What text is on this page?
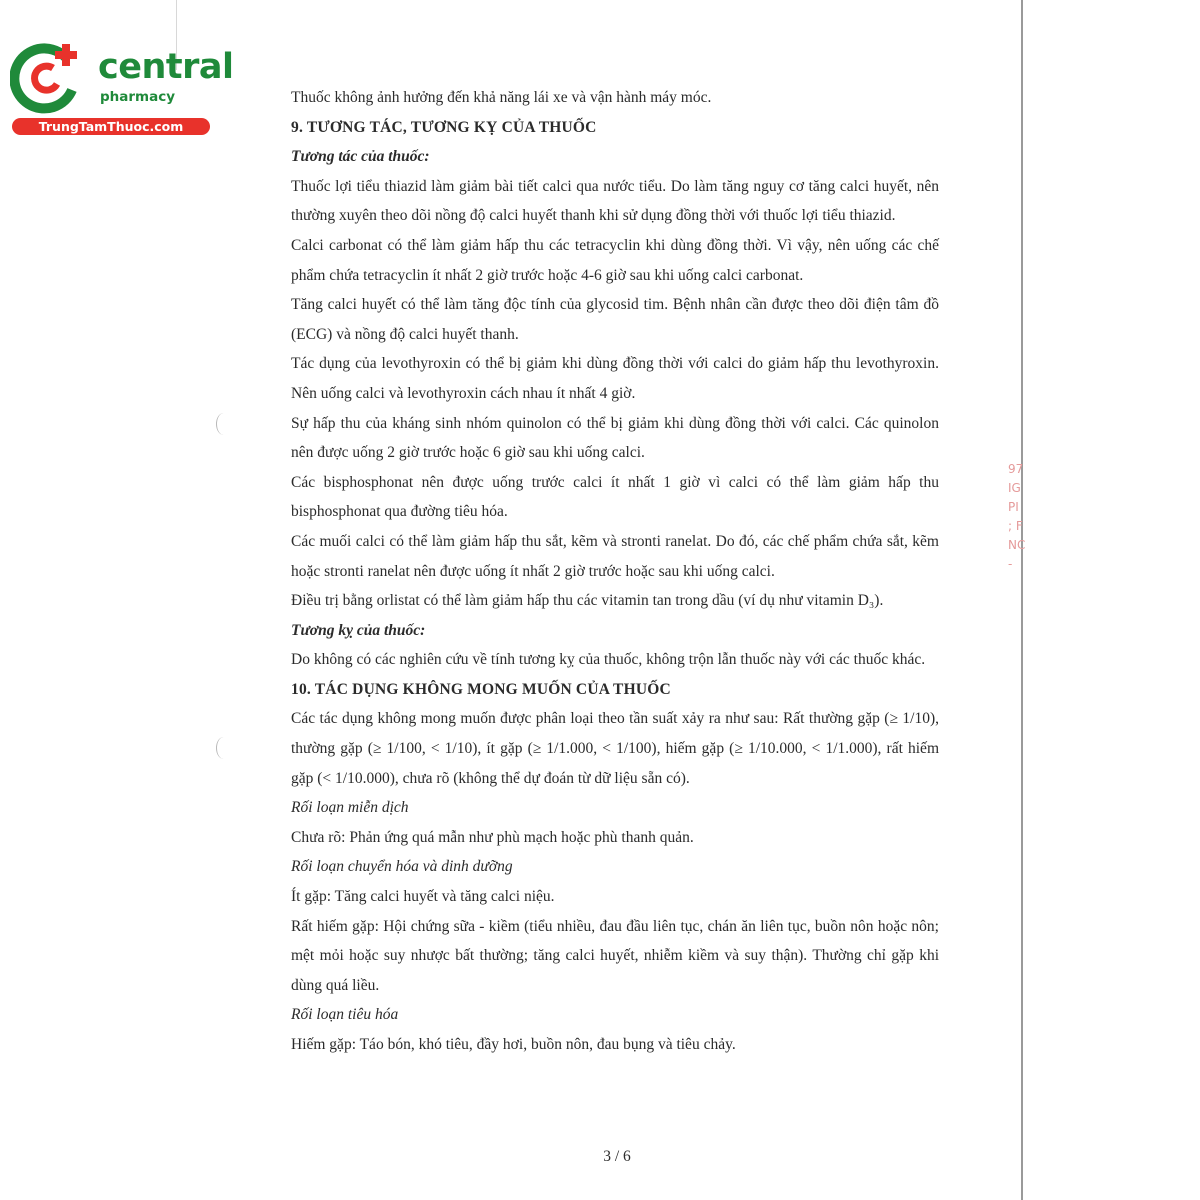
central
pharmacy
TrungTamThuoc.com

Thuốc không ảnh hưởng đến khả năng lái xe và vận hành máy móc.

9. TƯƠNG TÁC, TƯƠNG KỴ CỦA THUỐC

Tương tác của thuốc:

Thuốc lợi tiểu thiazid làm giảm bài tiết calci qua nước tiểu. Do làm tăng nguy cơ tăng calci huyết, nên thường xuyên theo dõi nồng độ calci huyết thanh khi sử dụng đồng thời với thuốc lợi tiểu thiazid.

Calci carbonat có thể làm giảm hấp thu các tetracyclin khi dùng đồng thời. Vì vậy, nên uống các chế phẩm chứa tetracyclin ít nhất 2 giờ trước hoặc 4-6 giờ sau khi uống calci carbonat.

Tăng calci huyết có thể làm tăng độc tính của glycosid tim. Bệnh nhân cần được theo dõi điện tâm đồ (ECG) và nồng độ calci huyết thanh.

Tác dụng của levothyroxin có thể bị giảm khi dùng đồng thời với calci do giảm hấp thu levothyroxin. Nên uống calci và levothyroxin cách nhau ít nhất 4 giờ.

Sự hấp thu của kháng sinh nhóm quinolon có thể bị giảm khi dùng đồng thời với calci. Các quinolon nên được uống 2 giờ trước hoặc 6 giờ sau khi uống calci.

Các bisphosphonat nên được uống trước calci ít nhất 1 giờ vì calci có thể làm giảm hấp thu bisphosphonat qua đường tiêu hóa.

Các muối calci có thể làm giảm hấp thu sắt, kẽm và stronti ranelat. Do đó, các chế phẩm chứa sắt, kẽm hoặc stronti ranelat nên được uống ít nhất 2 giờ trước hoặc sau khi uống calci.

Điều trị bằng orlistat có thể làm giảm hấp thu các vitamin tan trong dầu (ví dụ như vitamin D₃).

Tương kỵ của thuốc:

Do không có các nghiên cứu về tính tương kỵ của thuốc, không trộn lẫn thuốc này với các thuốc khác.

10. TÁC DỤNG KHÔNG MONG MUỐN CỦA THUỐC

Các tác dụng không mong muốn được phân loại theo tần suất xảy ra như sau: Rất thường gặp (≥ 1/10), thường gặp (≥ 1/100, < 1/10), ít gặp (≥ 1/1.000, < 1/100), hiếm gặp (≥ 1/10.000, < 1/1.000), rất hiếm gặp (< 1/10.000), chưa rõ (không thể dự đoán từ dữ liệu sẵn có).

Rối loạn miễn dịch

Chưa rõ: Phản ứng quá mẫn như phù mạch hoặc phù thanh quản.

Rối loạn chuyển hóa và dinh dưỡng

Ít gặp: Tăng calci huyết và tăng calci niệu.

Rất hiếm gặp: Hội chứng sữa - kiềm (tiểu nhiều, đau đầu liên tục, chán ăn liên tục, buồn nôn hoặc nôn; mệt mỏi hoặc suy nhược bất thường; tăng calci huyết, nhiễm kiềm và suy thận). Thường chỉ gặp khi dùng quá liều.

Rối loạn tiêu hóa

Hiếm gặp: Táo bón, khó tiêu, đầy hơi, buồn nôn, đau bụng và tiêu chảy.

3 / 6
97
IG
PI
; F
NC
-
